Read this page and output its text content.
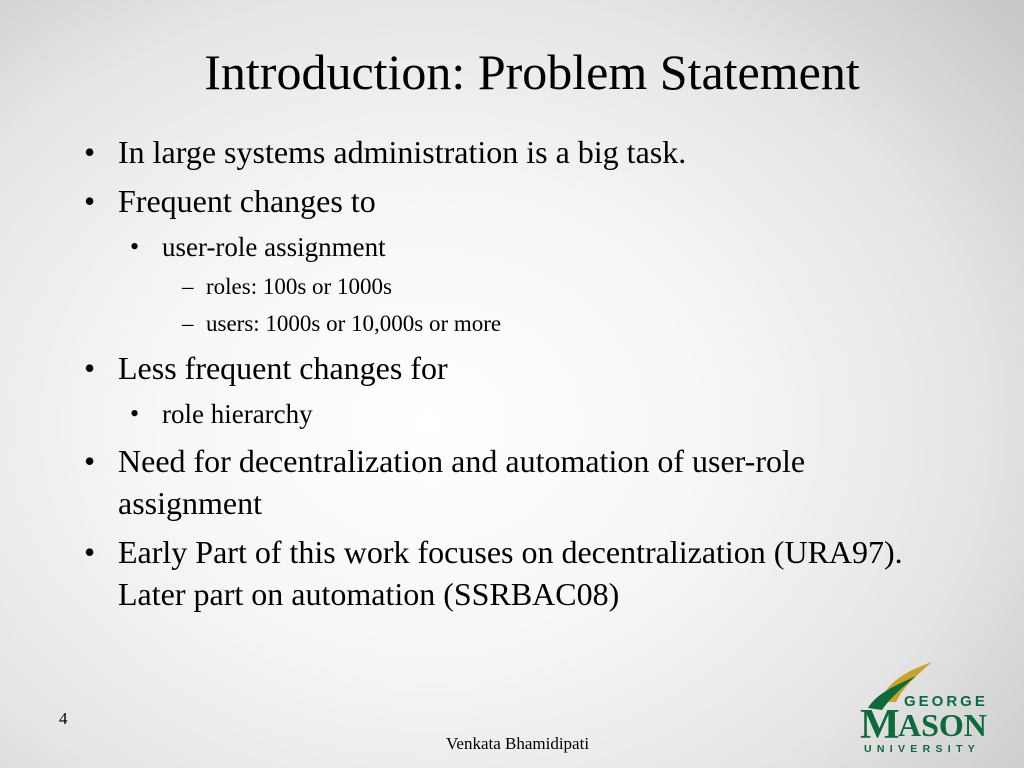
Introduction: Problem Statement
• In large systems administration is a big task.
• Frequent changes to
• user-role assignment
– roles: 100s or 1000s
– users: 1000s or 10,000s or more
• Less frequent changes for
• role hierarchy
• Need for decentralization and automation of user-role assignment
• Early Part of this work focuses on decentralization (URA97). Later part on automation (SSRBAC08)
4
Venkata Bhamidipati
GEORGE
M
ASON
UNIVERSITY
